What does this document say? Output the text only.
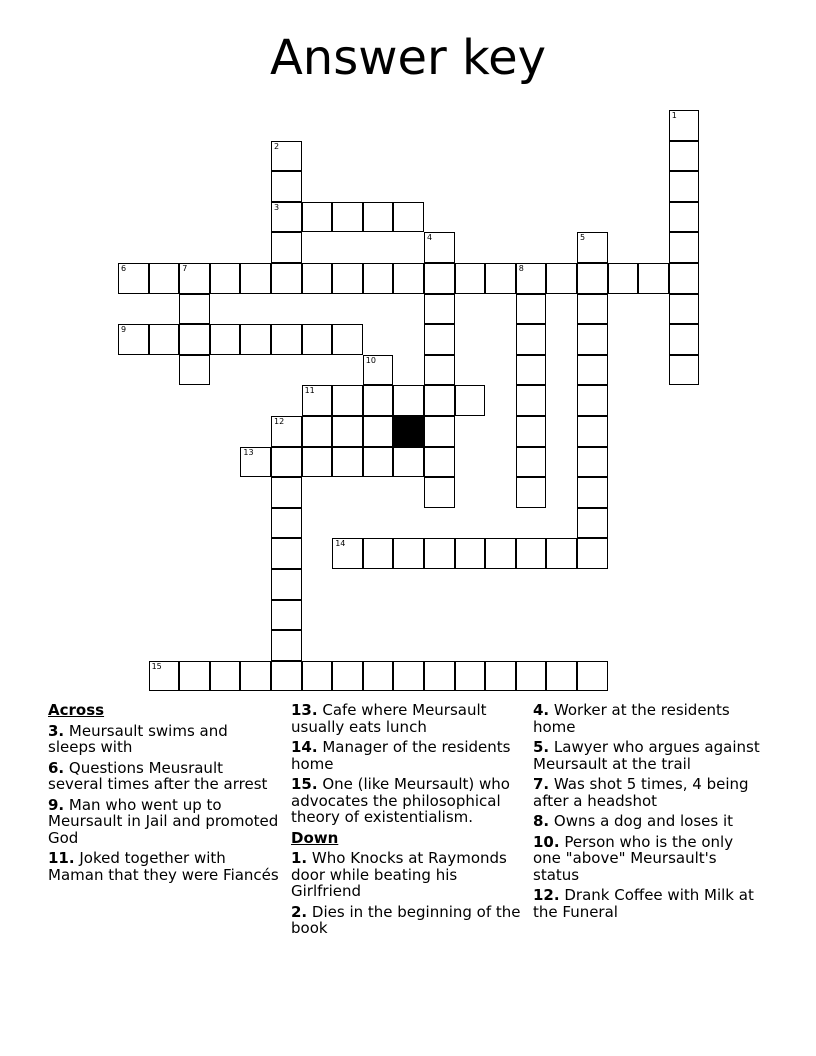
Answer key
1
2
3
4	5
6	7	8
9
10
11
12
13
14
15
Across
3. Meursault swims and sleeps with
6. Questions Meusrault several times after the arrest
9. Man who went up to Meursault in Jail and promoted God
11. Joked together with Maman that they were Fiancés
13. Cafe where Meursault usually eats lunch
14. Manager of the residents home
15. One (like Meursault) who advocates the philosophical theory of existentialism.
Down
1. Who Knocks at Raymonds door while beating his Girlfriend
2. Dies in the beginning of the book
4. Worker at the residents home
5. Lawyer who argues against Meursault at the trail
7. Was shot 5 times, 4 being after a headshot
8. Owns a dog and loses it
10. Person who is the only one "above" Meursault's status
12. Drank Coffee with Milk at the Funeral
